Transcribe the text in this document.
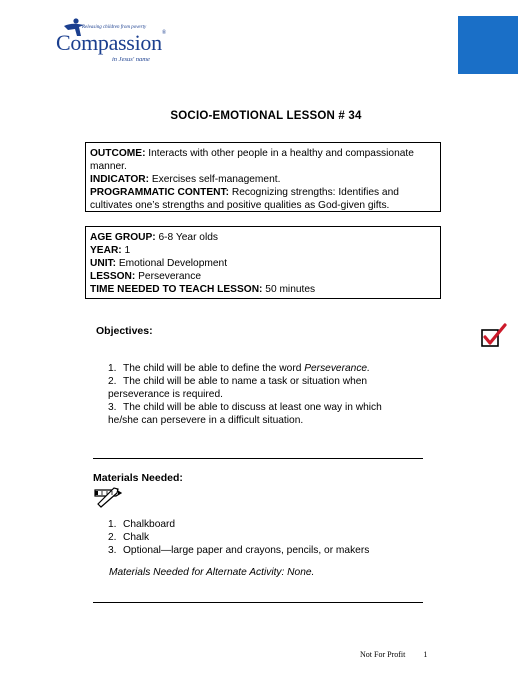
Releasing children from poverty
Compassion®
in Jesus' name
SOCIO-EMOTIONAL LESSON # 34

OUTCOME: Interacts with other people in a healthy and compassionate manner.

INDICATOR: Exercises self-management.

PROGRAMMATIC CONTENT: Recognizing strengths: Identifies and cultivates one’s strengths and positive qualities as God-given gifts.

AGE GROUP: 6-8 Year olds

YEAR: 1

UNIT: Emotional Development

LESSON: Perseverance

TIME NEEDED TO TEACH LESSON: 50 minutes

Objectives:
1. The child will be able to define the word Perseverance.
2. The child will be able to name a task or situation when perseverance is required.
3. The child will be able to discuss at least one way in which he/she can persevere in a difficult situation.
Materials Needed:
1. Chalkboard
2. Chalk
3. Optional—large paper and crayons, pencils, or makers
Materials Needed for Alternate Activity: None.
Not For Profit 1
